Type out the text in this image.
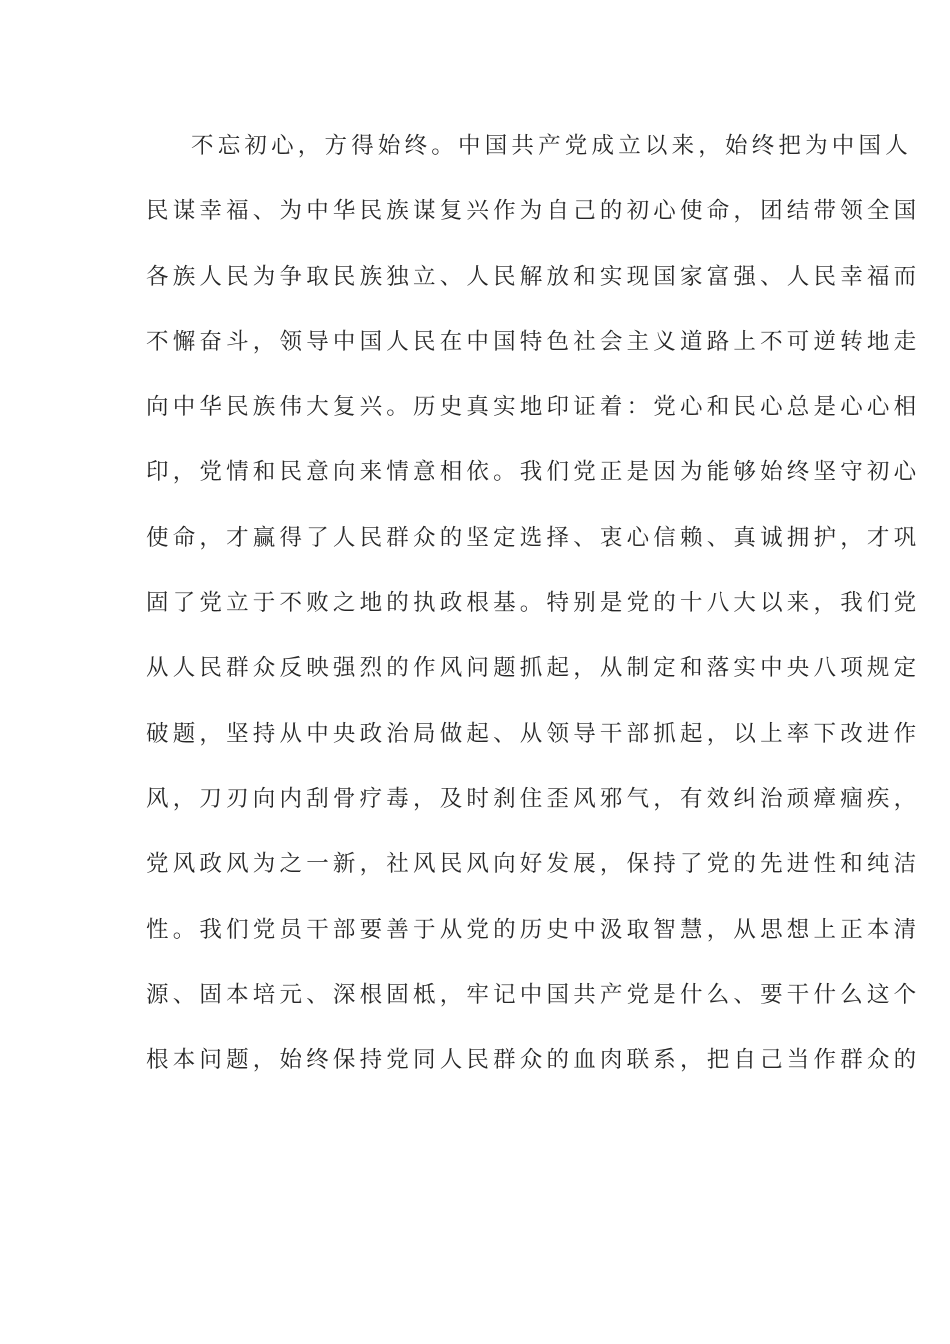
不忘初心，方得始终。中国共产党成立以来，始终把为中国人
民谋幸福、为中华民族谋复兴作为自己的初心使命，团结带领全国
各族人民为争取民族独立、人民解放和实现国家富强、人民幸福而
不懈奋斗，领导中国人民在中国特色社会主义道路上不可逆转地走
向中华民族伟大复兴。历史真实地印证着：党心和民心总是心心相
印，党情和民意向来情意相依。我们党正是因为能够始终坚守初心
使命，才赢得了人民群众的坚定选择、衷心信赖、真诚拥护，才巩
固了党立于不败之地的执政根基。特别是党的十八大以来，我们党
从人民群众反映强烈的作风问题抓起，从制定和落实中央八项规定
破题，坚持从中央政治局做起、从领导干部抓起，以上率下改进作
风，刀刃向内刮骨疗毒，及时刹住歪风邪气，有效纠治顽瘴痼疾，
党风政风为之一新，社风民风向好发展，保持了党的先进性和纯洁
性。我们党员干部要善于从党的历史中汲取智慧，从思想上正本清
源、固本培元、深根固柢，牢记中国共产党是什么、要干什么这个
根本问题，始终保持党同人民群众的血肉联系，把自己当作群众的
